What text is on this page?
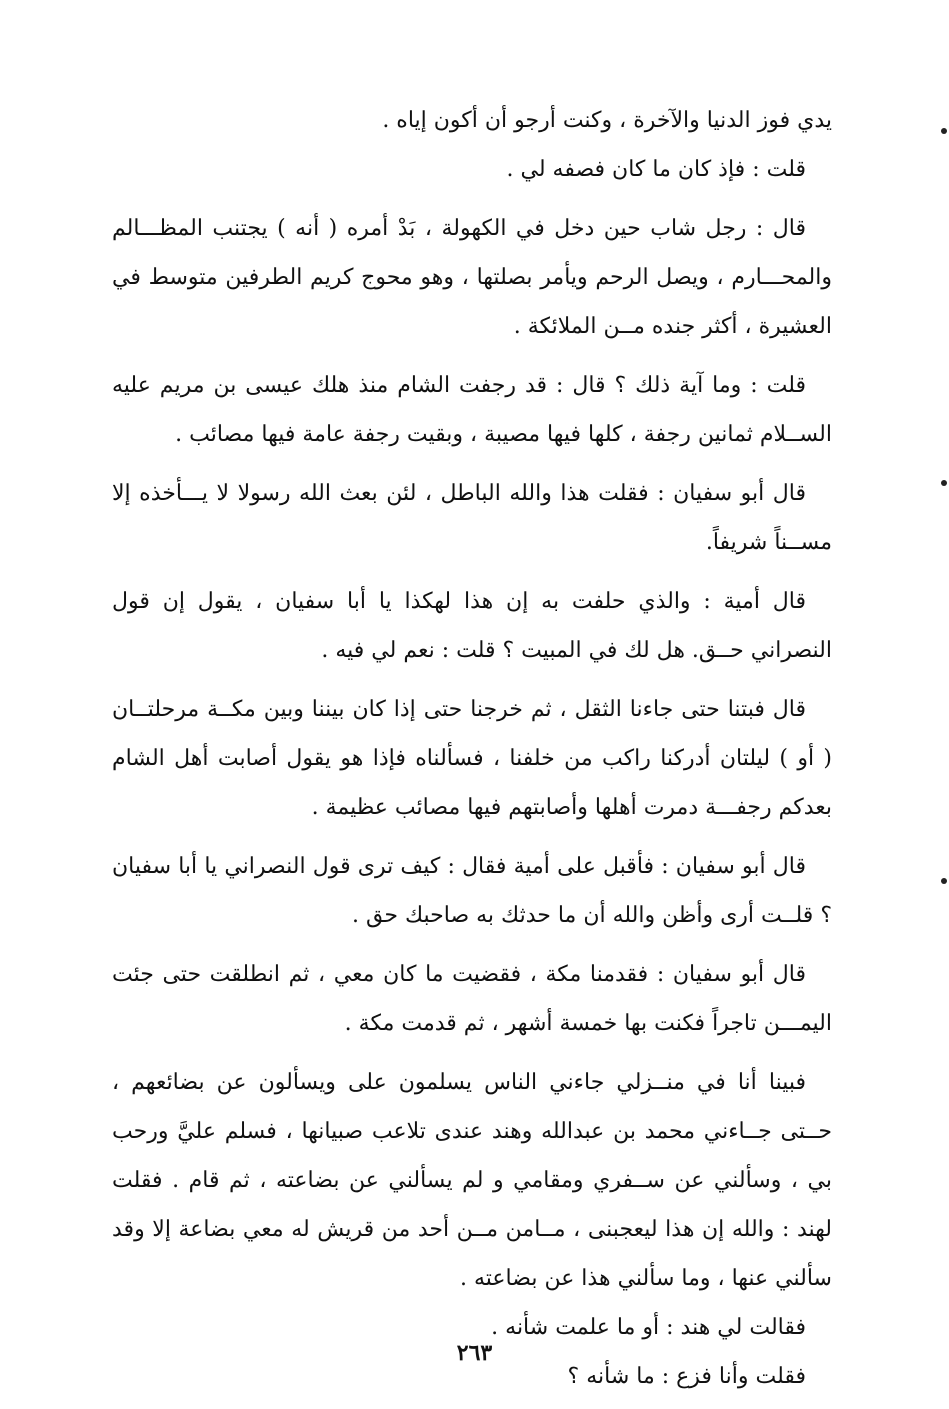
يدي فوز الدنيا والآخرة ، وكنت أرجو أن أكون إياه .

قلت : فإذ كان ما كان فصفه لي .

قال : رجل شاب حين دخل في الكهولة ، بَدْ أمره ( أنه ) يجتنب المظـــالم والمحـــارم ، ويصل الرحم ويأمر بصلتها ، وهو محوج كريم الطرفين متوسط في العشيرة ، أكثر جنده مــن الملائكة .

قلت : وما آية ذلك ؟ قال : قد رجفت الشام منذ هلك عيسى بن مريم عليه الســلام ثمانين رجفة ، كلها فيها مصيبة ، وبقيت رجفة عامة فيها مصائب .

قال أبو سفيان : فقلت هذا والله الباطل ، لئن بعث الله رسولا لا يـــأخذه إلا مســناً شريفاً.

قال أمية : والذي حلفت به إن هذا لهكذا يا أبا سفيان ، يقول إن قول النصراني حــق. هل لك في المبيت ؟ قلت : نعم لي فيه .

قال فبتنا حتى جاءنا الثقل ، ثم خرجنا حتى إذا كان بيننا وبين مكــة مرحلتــان ( أو ) ليلتان أدركنا راكب من خلفنا ، فسألناه فإذا هو يقول أصابت أهل الشام بعدكم رجفـــة دمرت أهلها وأصابتهم فيها مصائب عظيمة .

قال أبو سفيان : فأقبل على أمية فقال : كيف ترى قول النصراني يا أبا سفيان ؟ قلــت أرى وأظن والله أن ما حدثك به صاحبك حق .

قال أبو سفيان : فقدمنا مكة ، فقضيت ما كان معي ، ثم انطلقت حتى جئت اليمـــن تاجراً فكنت بها خمسة أشهر ، ثم قدمت مكة .

فبينا أنا في منــزلي جاءني الناس يسلمون على ويسألون عن بضائعهم ، حــتى جــاءني محمد بن عبدالله وهند عندى تلاعب صبيانها ، فسلم عليَّ ورحب بي ، وسألني عن ســفري ومقامي و لم يسألني عن بضاعته ، ثم قام . فقلت لهند : والله إن هذا ليعجبنى ، مــامن مــن أحد من قريش له معي بضاعة إلا وقد سألني عنها ، وما سألني هذا عن بضاعته .

فقالت لي هند : أو ما علمت شأنه .

فقلت وأنا فزع : ما شأنه ؟

٢٦٣
